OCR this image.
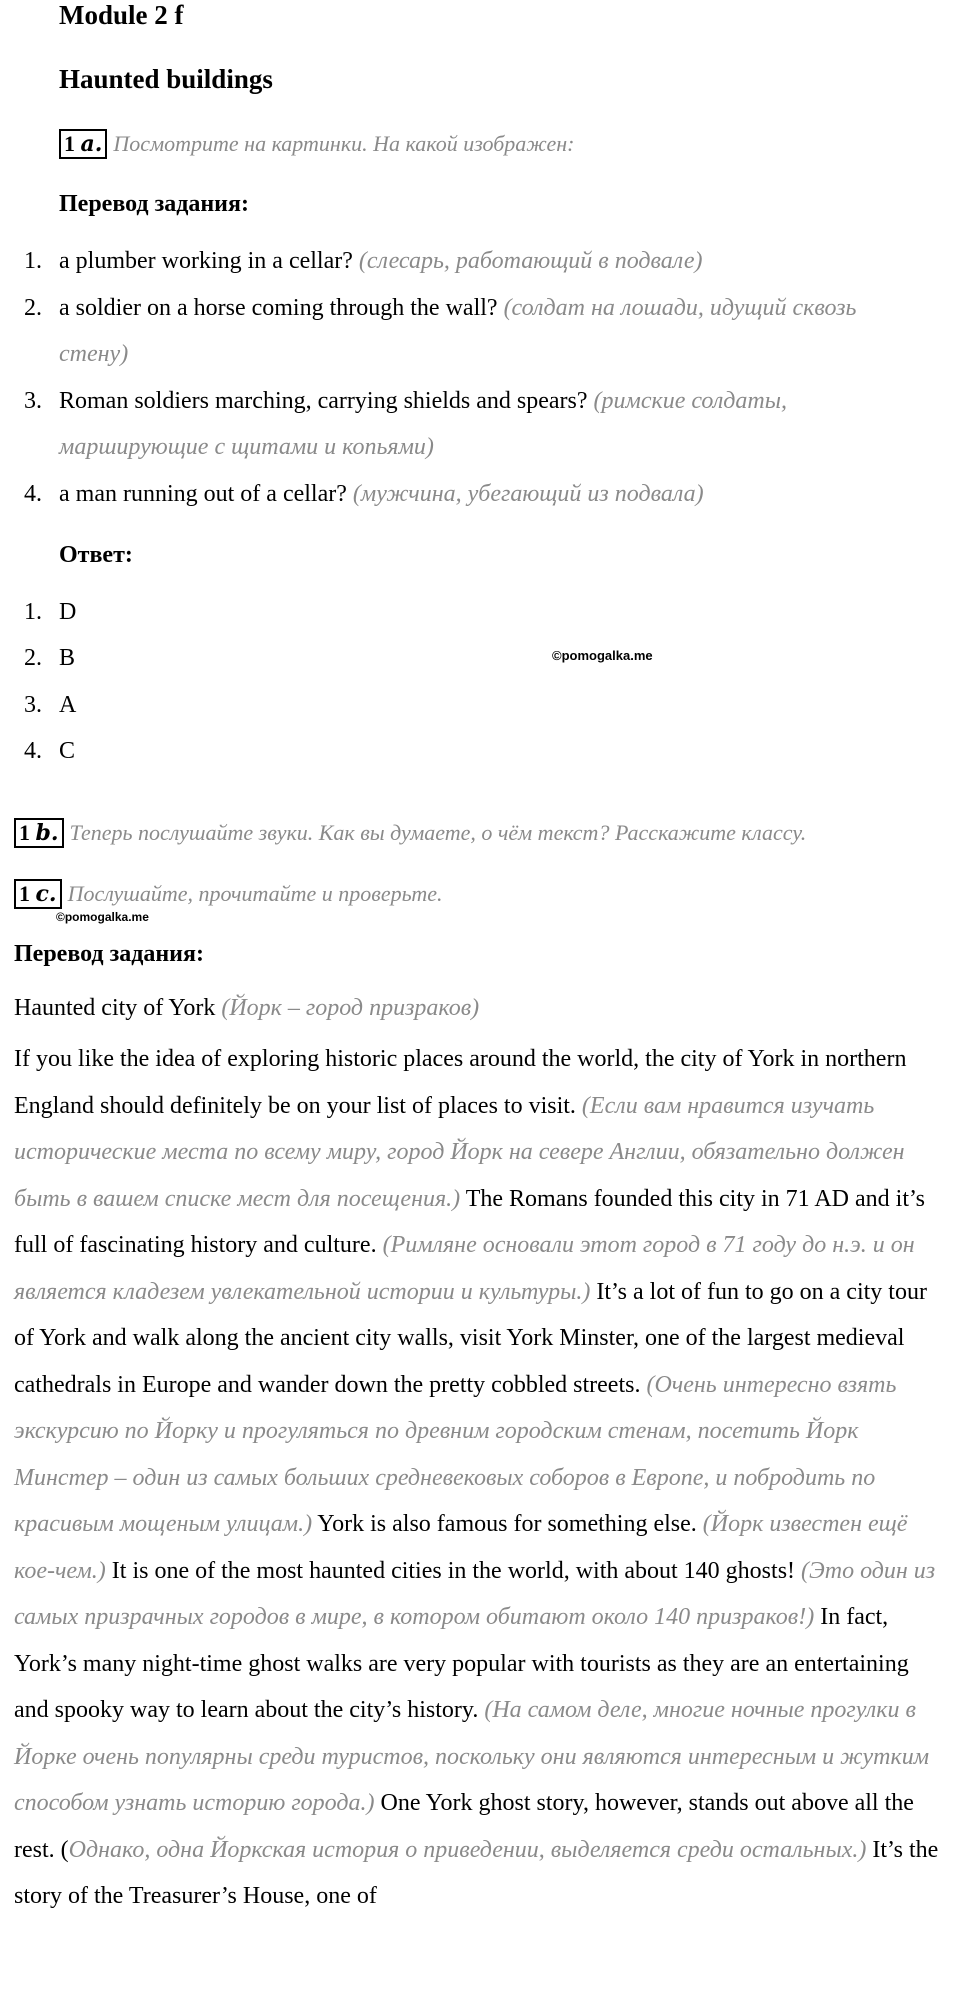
Module 2 f
Haunted buildings
1 a. Посмотрите на картинки. На какой изображен:
Перевод задания:
1. a plumber working in a cellar? (слесарь, работающий в подвале)
2. a soldier on a horse coming through the wall? (солдат на лошади, идущий сквозь
стену)
3. Roman soldiers marching, carrying shields and spears? (римские солдаты,
марширующие с щитами и копьями)
4. a man running out of a cellar? (мужчина, убегающий из подвала)
Ответ:
1. D
2. B
3. A
4. C
©pomogalka.me
1 b. Теперь послушайте звуки. Как вы думаете, о чём текст? Расскажите классу.
1 c. Послушайте, прочитайте и проверьте.
©pomogalka.me
Перевод задания:
Haunted city of York (Йорк – город призраков)
If you like the idea of exploring historic places around the world, the city of York in northern England should definitely be on your list of places to visit. (Если вам нравится изучать исторические места по всему миру, город Йорк на севере Англии, обязательно должен быть в вашем списке мест для посещения.) The Romans founded this city in 71 AD and it’s full of fascinating history and culture. (Римляне основали этот город в 71 году до н.э. и он является кладезем увлекательной истории и культуры.) It’s a lot of fun to go on a city tour of York and walk along the ancient city walls, visit York Minster, one of the largest medieval cathedrals in Europe and wander down the pretty cobbled streets. (Очень интересно взять экскурсию по Йорку и прогуляться по древним городским стенам, посетить Йорк Минстер – один из самых больших средневековых соборов в Европе, и побродить по красивым мощеным улицам.) York is also famous for something else. (Йорк известен ещё кое-чем.) It is one of the most haunted cities in the world, with about 140 ghosts! (Это один из самых призрачных городов в мире, в котором обитают около 140 призраков!) In fact, York’s many night-time ghost walks are very popular with tourists as they are an entertaining and spooky way to learn about the city’s history. (На самом деле, многие ночные прогулки в Йорке очень популярны среди туристов, поскольку они являются интересным и жутким способом узнать историю города.) One York ghost story, however, stands out above all the rest. (Однако, одна Йоркская история о приведении, выделяется среди остальных.) It’s the story of the Treasurer’s House, one of
